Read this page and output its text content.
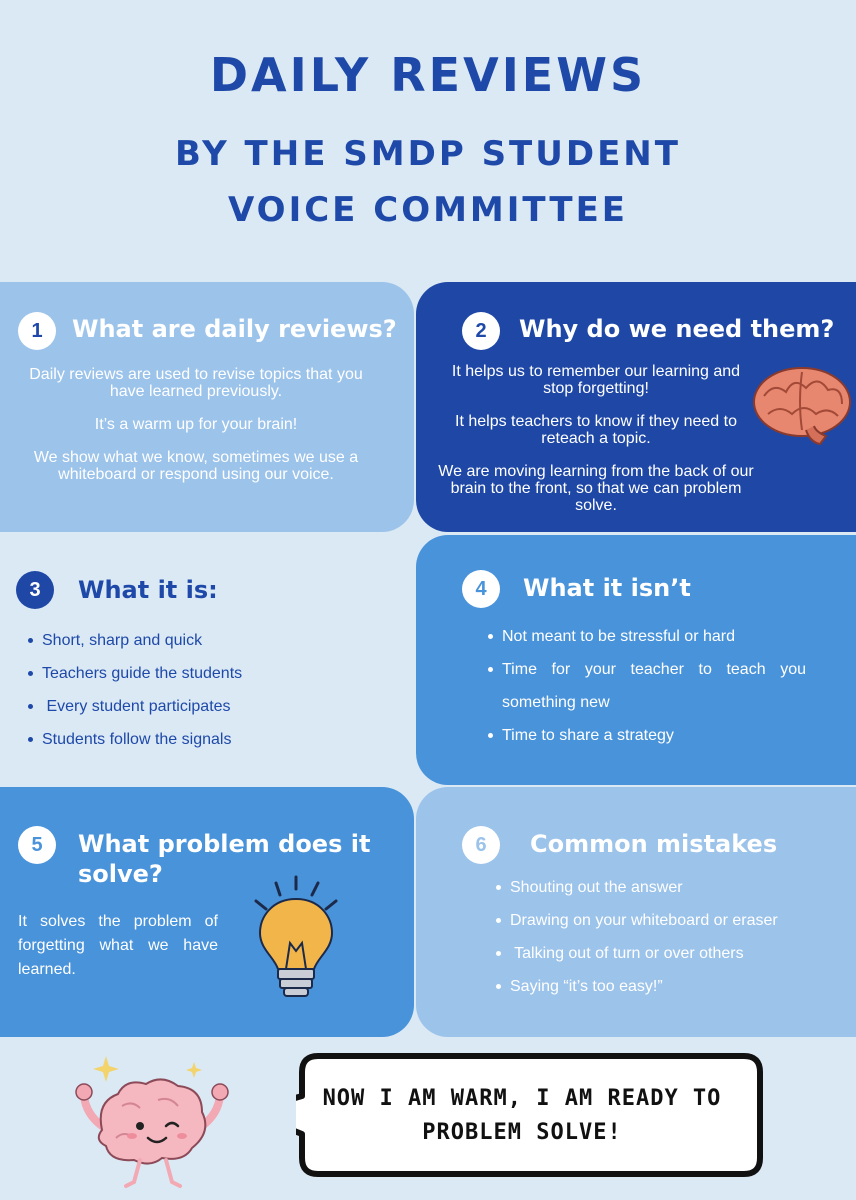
DAILY REVIEWS
BY THE SMDP STUDENT VOICE COMMITTEE
1	What are daily reviews?

Daily reviews are used to revise topics that you have learned previously.

It’s a warm up for your brain!

We show what we know, sometimes we use a whiteboard or respond using our voice.

2	Why do we need them?

It helps us to remember our learning and stop forgetting!

It helps teachers to know if they need to reteach a topic.

We are moving learning from the back of our brain to the front, so that we can problem solve.

3	What it is:
Short, sharp and quick
Teachers guide the students
Every student participates
Students follow the signals
4	What it isn’t
Not meant to be stressful or hard
Time for your teacher to teach you something new
Time to share a strategy
5	What problem does it solve?
It solves the problem of forgetting what we have learned.
6	Common mistakes
Shouting out the answer
Drawing on your whiteboard or eraser
Talking out of turn or over others
Saying “it’s too easy!”
NOW I AM WARM, I AM READY TO PROBLEM SOLVE!
